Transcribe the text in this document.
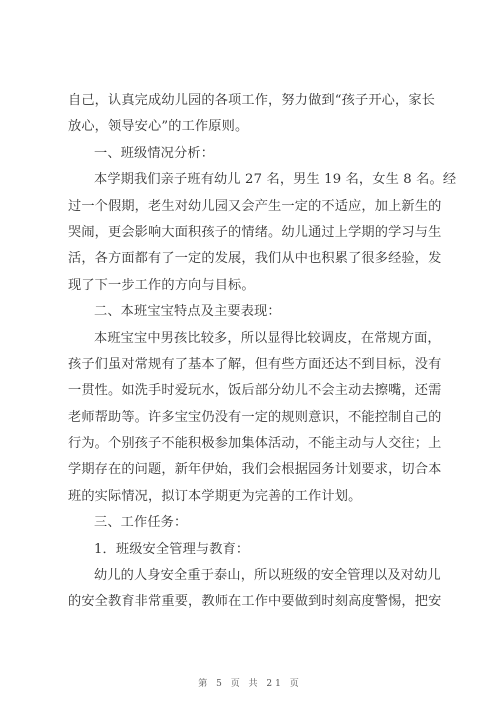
自己，认真完成幼儿园的各项工作，努力做到“孩子开心，家长
放心，领导安心”的工作原则。
一、班级情况分析：
本学期我们亲子班有幼儿 27 名，男生 19 名，女生 8 名。经
过一个假期，老生对幼儿园又会产生一定的不适应，加上新生的
哭闹，更会影响大面积孩子的情绪。幼儿通过上学期的学习与生
活，各方面都有了一定的发展，我们从中也积累了很多经验，发
现了下一步工作的方向与目标。
二、本班宝宝特点及主要表现：
本班宝宝中男孩比较多，所以显得比较调皮，在常规方面，
孩子们虽对常规有了基本了解，但有些方面还达不到目标，没有
一贯性。如洗手时爱玩水，饭后部分幼儿不会主动去擦嘴，还需
老师帮助等。许多宝宝仍没有一定的规则意识，不能控制自己的
行为。个别孩子不能积极参加集体活动，不能主动与人交往；上
学期存在的问题，新年伊始，我们会根据园务计划要求，切合本
班的实际情况，拟订本学期更为完善的工作计划。
三、工作任务：
1．班级安全管理与教育：
幼儿的人身安全重于泰山，所以班级的安全管理以及对幼儿
的安全教育非常重要，教师在工作中要做到时刻高度警惕，把安
第 5 页 共 21 页
